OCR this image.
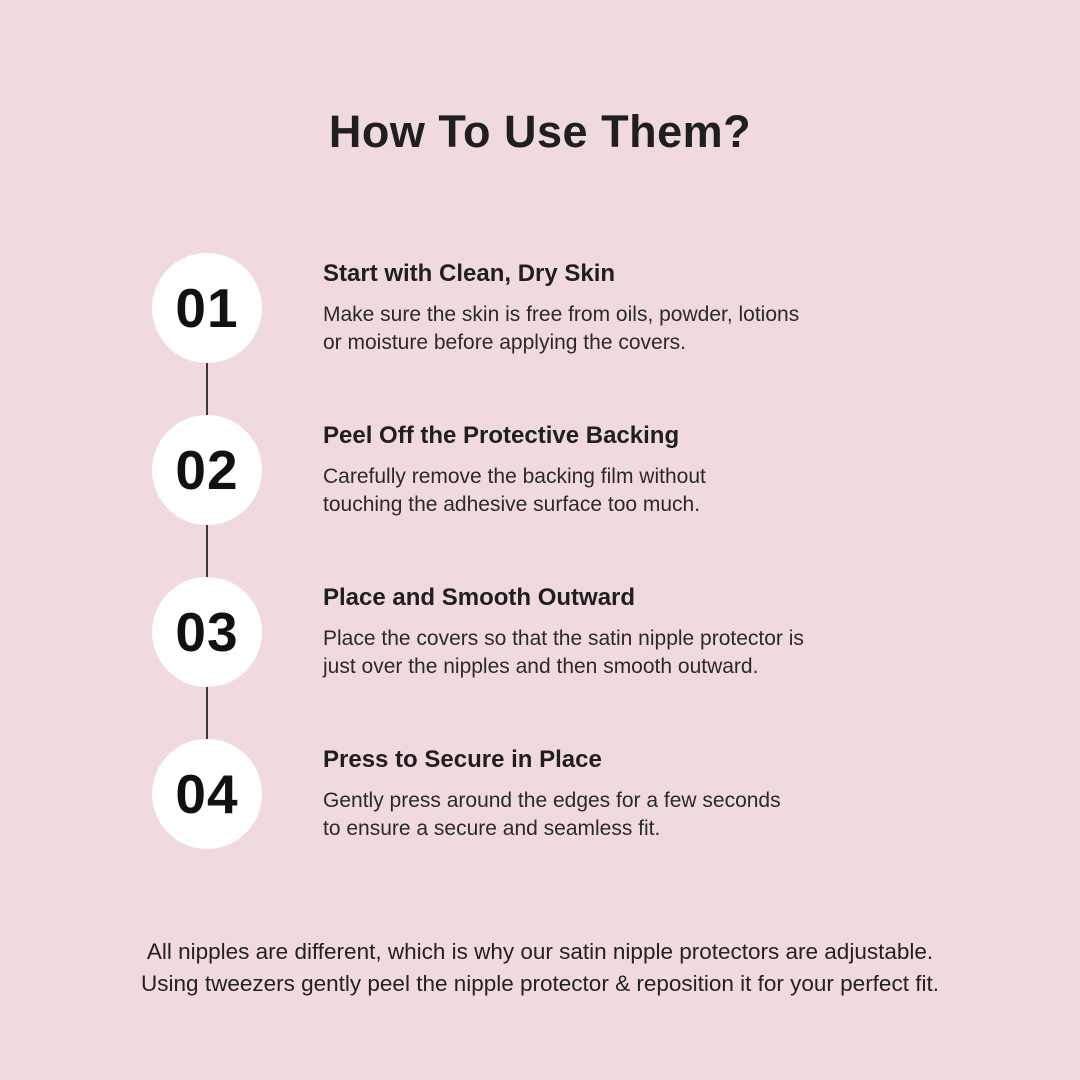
How To Use Them?
01
Start with Clean, Dry Skin
Make sure the skin is free from oils, powder, lotions
or moisture before applying the covers.
02
Peel Off the Protective Backing
Carefully remove the backing film without
touching the adhesive surface too much.
03
Place and Smooth Outward
Place the covers so that the satin nipple protector is
just over the nipples and then smooth outward.
04
Press to Secure in Place
Gently press around the edges for a few seconds
to ensure a secure and seamless fit.
All nipples are different, which is why our satin nipple protectors are adjustable.
Using tweezers gently peel the nipple protector & reposition it for your perfect fit.
